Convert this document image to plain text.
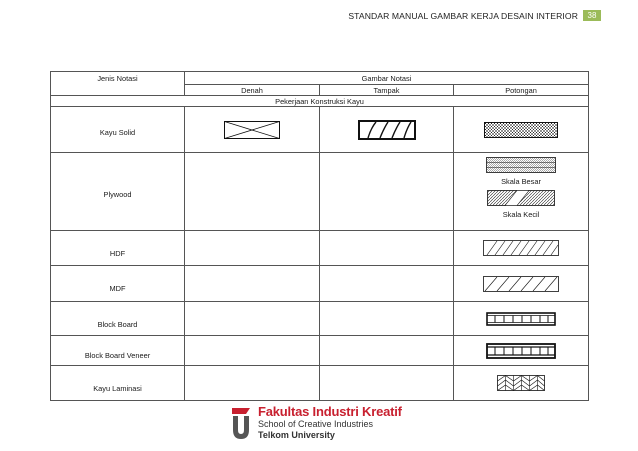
STANDAR MANUAL GAMBAR KERJA DESAIN INTERIOR	38
Jenis Notasi	Gambar Notasi		
	Denah	Tampak	Potongan
Pekerjaan Konstruksi Kayu			

Kayu Solid

Plywood			Skala Besar
Skala Kecil

HDF

MDF

Block Board

Block Board Veneer

Kayu Laminasi

Fakultas Industri Kreatif
School of Creative Industries
Telkom University
